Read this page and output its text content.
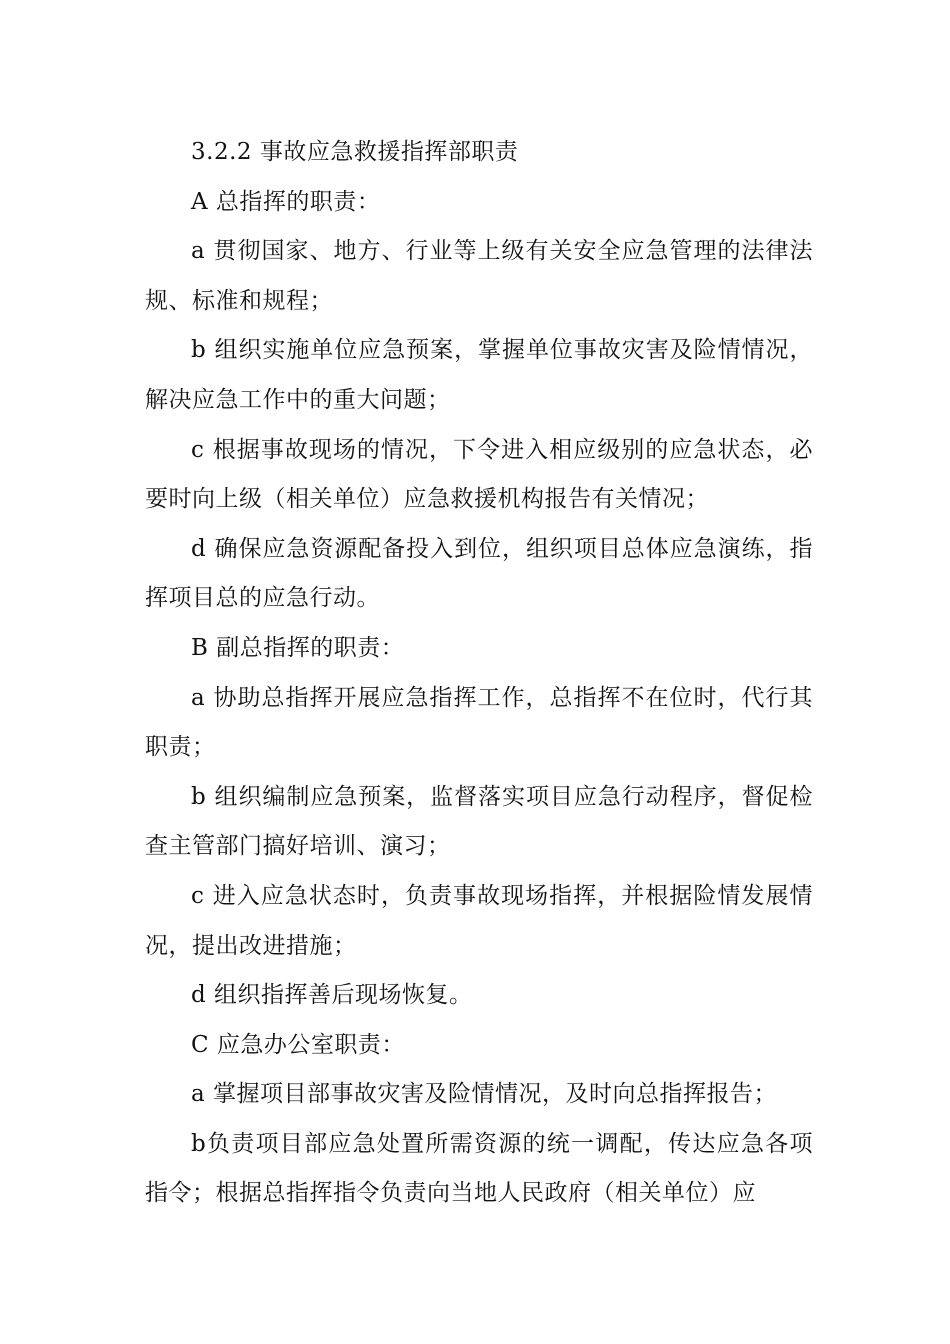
3.2.2 事故应急救援指挥部职责

A 总指挥的职责：

a 贯彻国家、地方、行业等上级有关安全应急管理的法律法规、标准和规程；

b 组织实施单位应急预案，掌握单位事故灾害及险情情况，解决应急工作中的重大问题；

c 根据事故现场的情况，下令进入相应级别的应急状态，必要时向上级（相关单位）应急救援机构报告有关情况；

d 确保应急资源配备投入到位，组织项目总体应急演练，指挥项目总的应急行动。

B 副总指挥的职责：

a 协助总指挥开展应急指挥工作，总指挥不在位时，代行其职责；

b 组织编制应急预案，监督落实项目应急行动程序，督促检查主管部门搞好培训、演习；

c 进入应急状态时，负责事故现场指挥，并根据险情发展情况，提出改进措施；

d 组织指挥善后现场恢复。

C 应急办公室职责：

a 掌握项目部事故灾害及险情情况，及时向总指挥报告；

b负责项目部应急处置所需资源的统一调配，传达应急各项指令；根据总指挥指令负责向当地人民政府（相关单位）应
